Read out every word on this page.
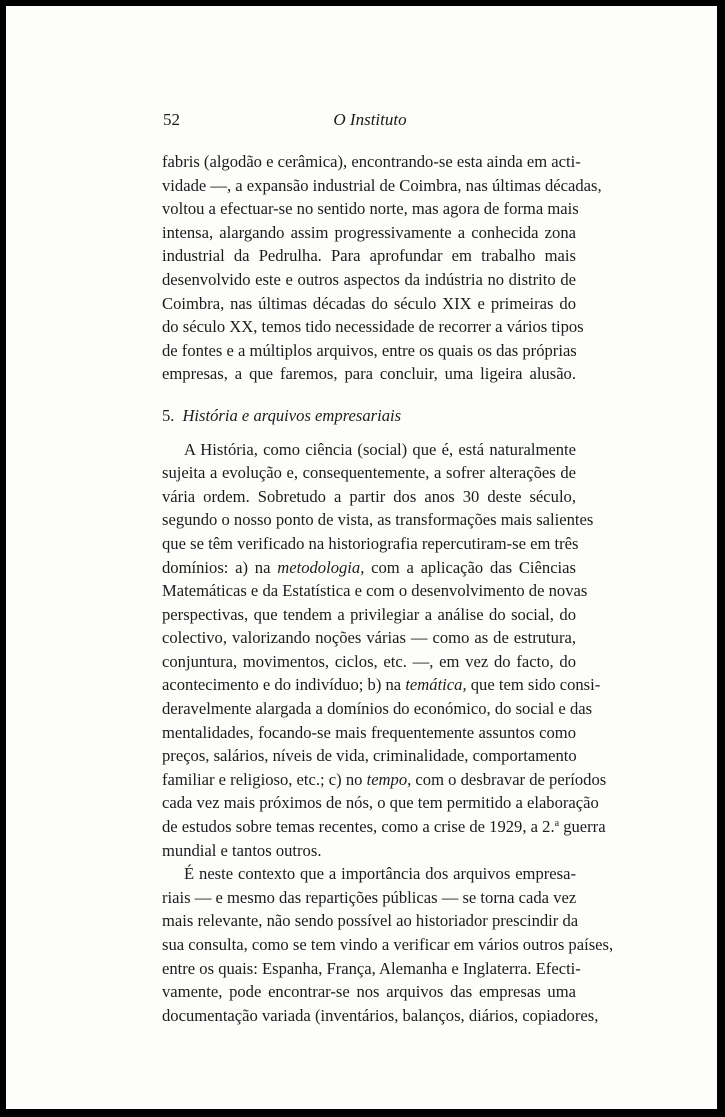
52	O Instituto
fabris (algodão e cerâmica), encontrando-se esta ainda em acti-
vidade —, a expansão industrial de Coimbra, nas últimas décadas,
voltou a efectuar-se no sentido norte, mas agora de forma mais
intensa, alargando assim progressivamente a conhecida zona
industrial da Pedrulha. Para aprofundar em trabalho mais
desenvolvido este e outros aspectos da indústria no distrito de
Coimbra, nas últimas décadas do século XIX e primeiras do
do século XX, temos tido necessidade de recorrer a vários tipos
de fontes e a múltiplos arquivos, entre os quais os das próprias
empresas, a que faremos, para concluir, uma ligeira alusão.
5. História e arquivos empresariais
A História, como ciência (social) que é, está naturalmente
sujeita a evolução e, consequentemente, a sofrer alterações de
vária ordem. Sobretudo a partir dos anos 30 deste século,
segundo o nosso ponto de vista, as transformações mais salientes
que se têm verificado na historiografia repercutiram-se em três
domínios: a) na metodologia, com a aplicação das Ciências
Matemáticas e da Estatística e com o desenvolvimento de novas
perspectivas, que tendem a privilegiar a análise do social, do
colectivo, valorizando noções várias — como as de estrutura,
conjuntura, movimentos, ciclos, etc. —, em vez do facto, do
acontecimento e do indivíduo; b) na temática, que tem sido consi-
deravelmente alargada a domínios do económico, do social e das
mentalidades, focando-se mais frequentemente assuntos como
preços, salários, níveis de vida, criminalidade, comportamento
familiar e religioso, etc.; c) no tempo, com o desbravar de períodos
cada vez mais próximos de nós, o que tem permitido a elaboração
de estudos sobre temas recentes, como a crise de 1929, a 2.$^a$ guerra
mundial e tantos outros.
É neste contexto que a importância dos arquivos empresa-
riais — e mesmo das repartições públicas — se torna cada vez
mais relevante, não sendo possível ao historiador prescindir da
sua consulta, como se tem vindo a verificar em vários outros países,
entre os quais: Espanha, França, Alemanha e Inglaterra. Efecti-
vamente, pode encontrar-se nos arquivos das empresas uma
documentação variada (inventários, balanços, diários, copiadores,
